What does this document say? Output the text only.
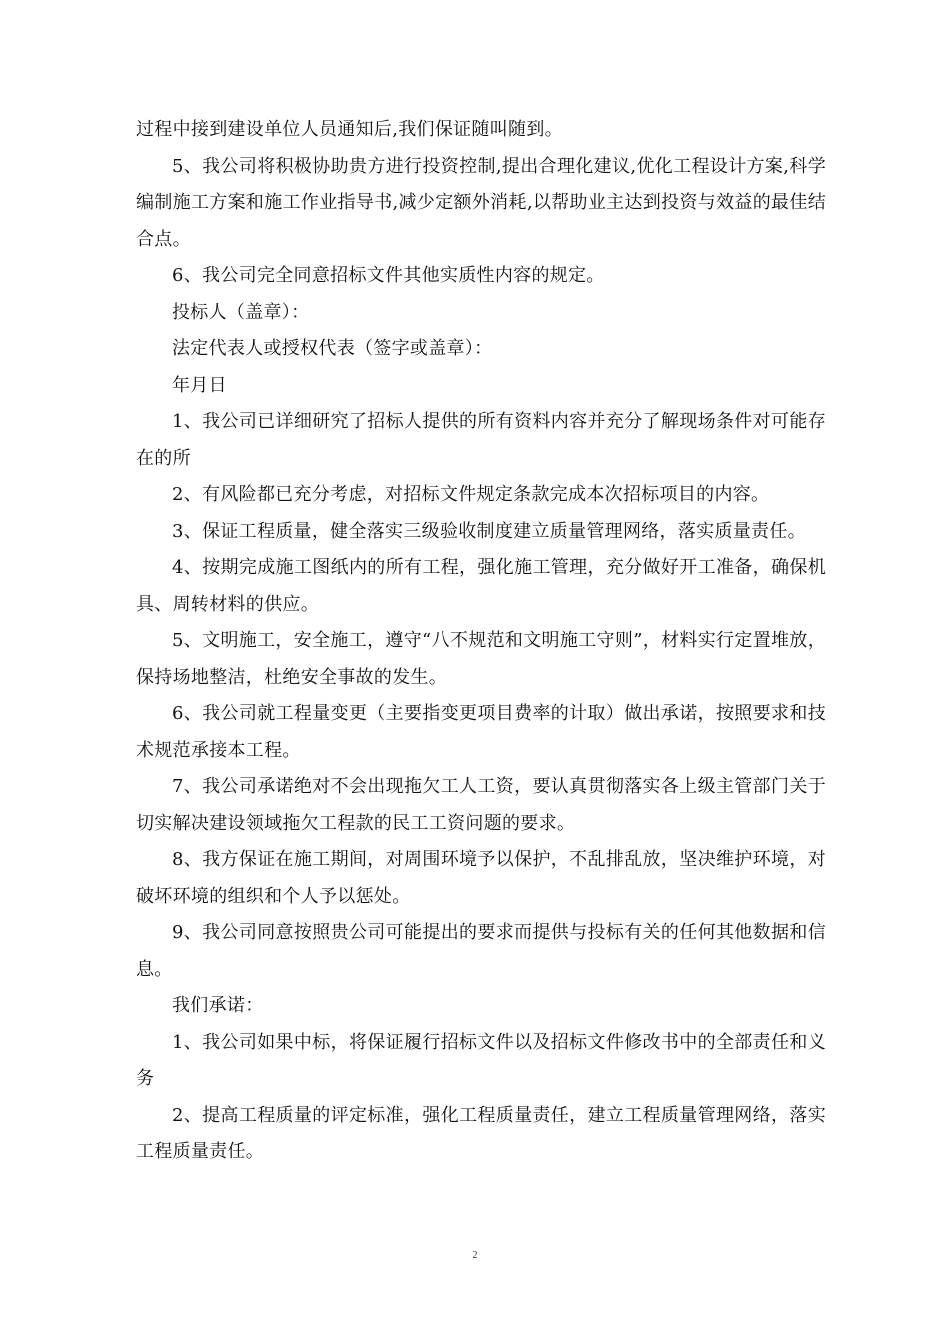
过程中接到建设单位人员通知后,我们保证随叫随到。

5、我公司将积极协助贵方进行投资控制,提出合理化建议,优化工程设计方案,科学编制施工方案和施工作业指导书,减少定额外消耗,以帮助业主达到投资与效益的最佳结合点。

6、我公司完全同意招标文件其他实质性内容的规定。

投标人（盖章）：

法定代表人或授权代表（签字或盖章）：

年月日

1、我公司已详细研究了招标人提供的所有资料内容并充分了解现场条件对可能存在的所

2、有风险都已充分考虑，对招标文件规定条款完成本次招标项目的内容。

3、保证工程质量，健全落实三级验收制度建立质量管理网络，落实质量责任。

4、按期完成施工图纸内的所有工程，强化施工管理，充分做好开工准备，确保机具、周转材料的供应。

5、文明施工，安全施工，遵守“八不规范和文明施工守则”，材料实行定置堆放，保持场地整洁，杜绝安全事故的发生。

6、我公司就工程量变更（主要指变更项目费率的计取）做出承诺，按照要求和技术规范承接本工程。

7、我公司承诺绝对不会出现拖欠工人工资，要认真贯彻落实各上级主管部门关于切实解决建设领域拖欠工程款的民工工资问题的要求。

8、我方保证在施工期间，对周围环境予以保护，不乱排乱放，坚决维护环境，对破坏环境的组织和个人予以惩处。

9、我公司同意按照贵公司可能提出的要求而提供与投标有关的任何其他数据和信息。

我们承诺：

1、我公司如果中标，将保证履行招标文件以及招标文件修改书中的全部责任和义务

2、提高工程质量的评定标准，强化工程质量责任，建立工程质量管理网络，落实工程质量责任。

2
